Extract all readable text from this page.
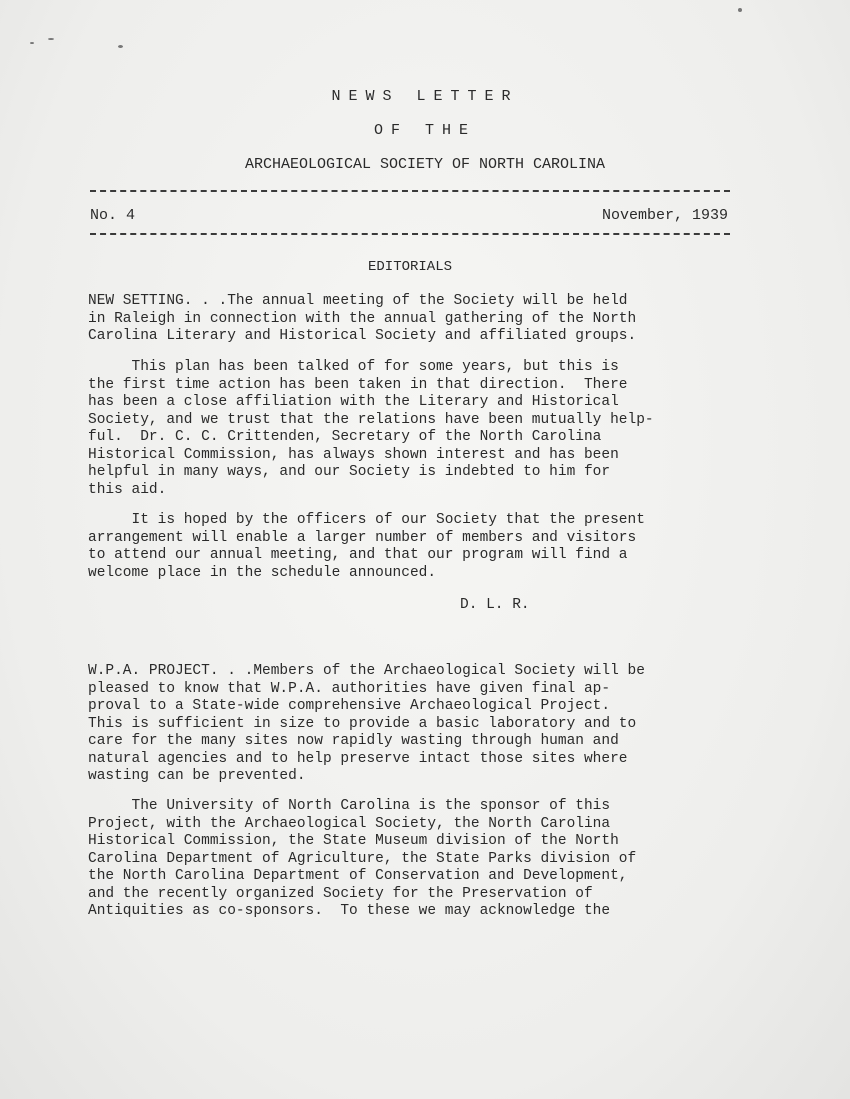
NEWS LETTER
OF THE
ARCHAEOLOGICAL SOCIETY OF NORTH CAROLINA
No. 4	November, 1939
EDITORIALS
NEW SETTING. . .The annual meeting of the Society will be held
in Raleigh in connection with the annual gathering of the North
Carolina Literary and Historical Society and affiliated groups.
This plan has been talked of for some years, but this is
the first time action has been taken in that direction.  There
has been a close affiliation with the Literary and Historical
Society, and we trust that the relations have been mutually help-
ful.  Dr. C. C. Crittenden, Secretary of the North Carolina
Historical Commission, has always shown interest and has been
helpful in many ways, and our Society is indebted to him for
this aid.
It is hoped by the officers of our Society that the present
arrangement will enable a larger number of members and visitors
to attend our annual meeting, and that our program will find a
welcome place in the schedule announced.
D. L. R.
W.P.A. PROJECT. . .Members of the Archaeological Society will be
pleased to know that W.P.A. authorities have given final ap-
proval to a State-wide comprehensive Archaeological Project.
This is sufficient in size to provide a basic laboratory and to
care for the many sites now rapidly wasting through human and
natural agencies and to help preserve intact those sites where
wasting can be prevented.
The University of North Carolina is the sponsor of this
Project, with the Archaeological Society, the North Carolina
Historical Commission, the State Museum division of the North
Carolina Department of Agriculture, the State Parks division of
the North Carolina Department of Conservation and Development,
and the recently organized Society for the Preservation of
Antiquities as co-sponsors.  To these we may acknowledge the
